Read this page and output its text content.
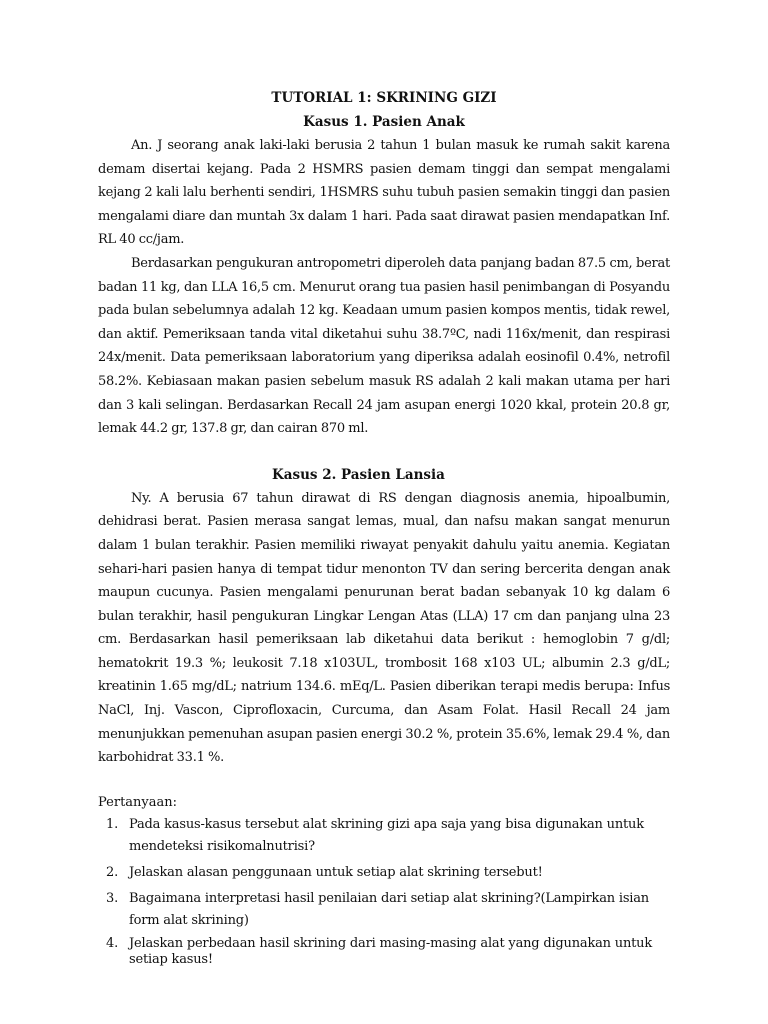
TUTORIAL 1: SKRINING GIZI
Kasus 1. Pasien Anak

An. J seorang anak laki-laki berusia 2 tahun 1 bulan masuk ke rumah sakit karena demam disertai kejang. Pada 2 HSMRS pasien demam tinggi dan sempat mengalami kejang 2 kali lalu berhenti sendiri, 1HSMRS suhu tubuh pasien semakin tinggi dan pasien mengalami diare dan muntah 3x dalam 1 hari. Pada saat dirawat pasien mendapatkan Inf. RL 40 cc/jam.

Berdasarkan pengukuran antropometri diperoleh data panjang badan 87.5 cm, berat badan 11 kg, dan LLA 16,5 cm. Menurut orang tua pasien hasil penimbangan di Posyandu pada bulan sebelumnya adalah 12 kg. Keadaan umum pasien kompos mentis, tidak rewel, dan aktif. Pemeriksaan tanda vital diketahui suhu 38.7ºC, nadi 116x/menit, dan respirasi 24x/menit. Data pemeriksaan laboratorium yang diperiksa adalah eosinofil 0.4%, netrofil 58.2%. Kebiasaan makan pasien sebelum masuk RS adalah 2 kali makan utama per hari dan 3 kali selingan. Berdasarkan Recall 24 jam asupan energi 1020 kkal, protein 20.8 gr, lemak 44.2 gr, 137.8 gr, dan cairan 870 ml.

Kasus 2. Pasien Lansia

Ny. A berusia 67 tahun dirawat di RS dengan diagnosis anemia, hipoalbumin, dehidrasi berat. Pasien merasa sangat lemas, mual, dan nafsu makan sangat menurun dalam 1 bulan terakhir. Pasien memiliki riwayat penyakit dahulu yaitu anemia. Kegiatan sehari-hari pasien hanya di tempat tidur menonton TV dan sering bercerita dengan anak maupun cucunya. Pasien mengalami penurunan berat badan sebanyak 10 kg dalam 6 bulan terakhir, hasil pengukuran Lingkar Lengan Atas (LLA) 17 cm dan panjang ulna 23 cm. Berdasarkan hasil pemeriksaan lab diketahui data berikut : hemoglobin 7 g/dl; hematokrit 19.3 %; leukosit 7.18 x103UL, trombosit 168 x103 UL; albumin 2.3 g/dL; kreatinin 1.65 mg/dL; natrium 134.6. mEq/L. Pasien diberikan terapi medis berupa: Infus NaCl, Inj. Vascon, Ciprofloxacin, Curcuma, dan Asam Folat. Hasil Recall 24 jam menunjukkan pemenuhan asupan pasien energi 30.2 %, protein 35.6%, lemak 29.4 %, dan karbohidrat 33.1 %.

Pertanyaan:

1. Pada kasus-kasus tersebut alat skrining gizi apa saja yang bisa digunakan untuk mendeteksi risikomalnutrisi?
2. Jelaskan alasan penggunaan untuk setiap alat skrining tersebut!
3. Bagaimana interpretasi hasil penilaian dari setiap alat skrining?(Lampirkan isian form alat skrining)
4. Jelaskan perbedaan hasil skrining dari masing-masing alat yang digunakan untuk setiap kasus!
